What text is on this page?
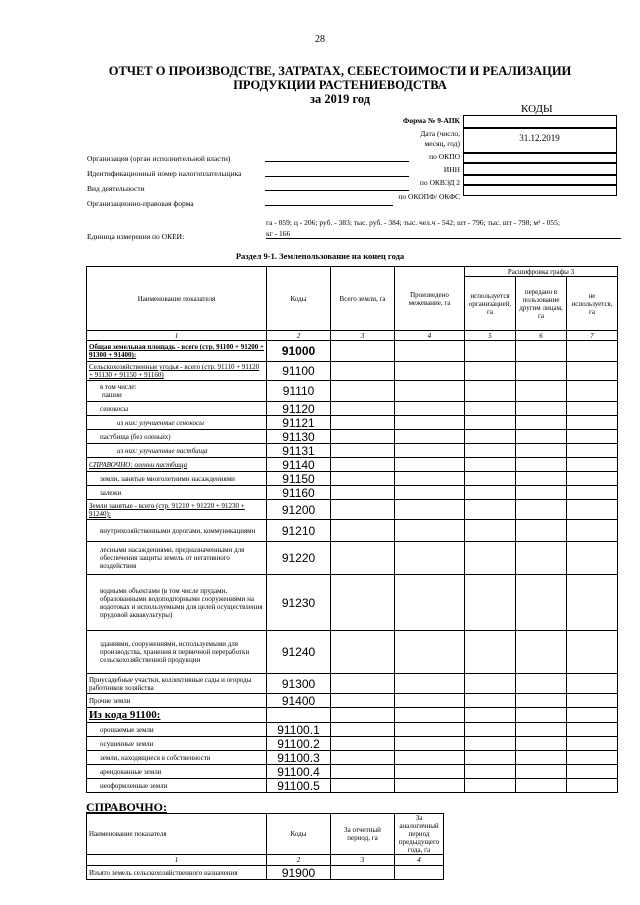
28
ОТЧЕТ О ПРОИЗВОДСТВЕ, ЗАТРАТАХ, СЕБЕСТОИМОСТИ И РЕАЛИЗАЦИИ
ПРОДУКЦИИ РАСТЕНИЕВОДСТВА
за 2019 год
КОДЫ
31.12.2019
Форма № 9-АПК
Дата (число,
месяц, год)
по ОКПО
ИНН
по ОКВЭД 2
по ОКОПФ/ ОКФС
Организация (орган исполнительной власти)
Идентификационный номер налогоплательщика
Вид деятельности
Организационно-правовая форма
Единица измерения по ОКЕИ:
га - 059; ц - 206; руб. - 383; тыс. руб. - 384; тыс. чел.ч - 542; шт - 796; тыс. шт - 798; м² - 055;
кг - 166
Раздел 9-1. Землепользование на конец года
Наименование показателя	Коды	Всего земли, га	Произведено межевание, га	Расшифровка графы 3		
				используется организацией, га	передано в пользование другим лицам, га	не используется, га
1	2	3	4	5	6	7
Общая земельная площадь - всего (стр. 91100 + 91200 + 91300 + 91400):	91000					
Сельскохозяйственные угодья - всего (стр. 91110 + 91120 + 91130 + 91150 + 91160)	91100					

в том числе:
пашни	91110					
сенокосы	91120					
из них: улучшенные сенокосы	91121					
пастбища (без оленьих)	91130					
из них: улучшенные пастбища	91131					
СПРАВОЧНО: оленьи пастбища	91140					
земли, занятые многолетними насаждениями	91150					
залежи	91160					
Земли занятые - всего (стр. 91210 + 91220 + 91230 + 91240):	91200					
внутрихозяйственными дорогами, коммуникациями	91210					
лесными насаждениями, предназначенными для обеспечения защиты земель от негативного воздействия	91220					
водными объектами (в том числе прудами, образованными водоподпорными сооружениями на водотоках и используемыми для целей осуществления прудовой аквакультуры)	91230					
зданиями, сооружениями, используемыми для производства, хранения и первичной переработки сельскохозяйственной продукции	91240					
Приусадебные участки, коллективные сады и огороды работников хозяйства	91300					
Прочие земли	91400					
Из кода 91100:						
орошаемые земли	91100.1					
осушенные земли	91100.2					
земли, находящиеся в собственности	91100.3					
арендованные земли	91100.4					
неоформленные земли	91100.5					
СПРАВОЧНО:
Наименование показателя	Коды	За отчетный период, га	За аналогичный период предыдущего года, га
1	2	3	4
Изъято земель сельскохозяйственного назначения	91900		
